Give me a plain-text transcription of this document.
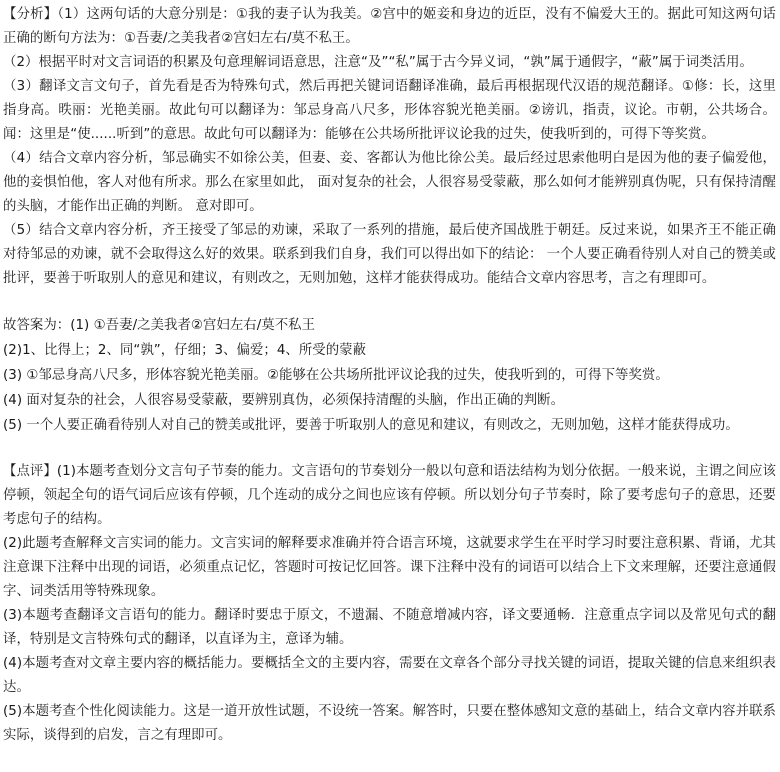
【分析】（1）这两句话的大意分别是：①我的妻子认为我美。②宫中的姬妾和身边的近臣，没有不偏爱大王的。据此可知这两句话正确的断句方法为：①吾妻/之美我者②宫妇左右/莫不私王。

（2）根据平时对文言词语的积累及句意理解词语意思，注意“及”“私”属于古今异义词，“孰”属于通假字，“蔽”属于词类活用。

（3）翻译文言文句子，首先看是否为特殊句式，然后再把关键词语翻译准确，最后再根据现代汉语的规范翻译。①修：长，这里指身高。昳丽：光艳美丽。故此句可以翻译为：邹忌身高八尺多，形体容貌光艳美丽。②谤讥，指责，议论。市朝，公共场合。闻：这里是“使......听到”的意思。故此句可以翻译为：能够在公共场所批评议论我的过失，使我听到的，可得下等奖赏。

（4）结合文章内容分析，邹忌确实不如徐公美，但妻、妾、客都认为他比徐公美。最后经过思索他明白是因为他的妻子偏爱他，他的妾惧怕他，客人对他有所求。那么在家里如此， 面对复杂的社会，人很容易受蒙蔽，那么如何才能辨别真伪呢，只有保持清醒的头脑，才能作出正确的判断。 意对即可。

（5）结合文章内容分析，齐王接受了邹忌的劝谏，采取了一系列的措施，最后使齐国战胜于朝廷。反过来说，如果齐王不能正确对待邹忌的劝谏，就不会取得这么好的效果。联系到我们自身，我们可以得出如下的结论： 一个人要正确看待别人对自己的赞美或批评，要善于听取别人的意见和建议，有则改之，无则加勉，这样才能获得成功。能结合文章内容思考，言之有理即可。

故答案为：(1) ①吾妻/之美我者②宫妇左右/莫不私王

(2)1、比得上；2、同“孰”，仔细；3、偏爱；4、所受的蒙蔽

(3) ①邹忌身高八尺多，形体容貌光艳美丽。②能够在公共场所批评议论我的过失，使我听到的，可得下等奖赏。

(4) 面对复杂的社会，人很容易受蒙蔽，要辨别真伪，必须保持清醒的头脑，作出正确的判断。

(5) 一个人要正确看待别人对自己的赞美或批评，要善于听取别人的意见和建议，有则改之，无则加勉，这样才能获得成功。

【点评】(1)本题考查划分文言句子节奏的能力。文言语句的节奏划分一般以句意和语法结构为划分依据。一般来说，主谓之间应该停顿，领起全句的语气词后应该有停顿，几个连动的成分之间也应该有停顿。所以划分句子节奏时，除了要考虑句子的意思，还要考虑句子的结构。

(2)此题考查解释文言实词的能力。文言实词的解释要求准确并符合语言环境，这就要求学生在平时学习时要注意积累、背诵，尤其注意课下注释中出现的词语，必须重点记忆，答题时可按记忆回答。课下注释中没有的词语可以结合上下文来理解，还要注意通假字、词类活用等特殊现象。

(3)本题考查翻译文言语句的能力。翻译时要忠于原文，不遗漏、不随意增减内容，译文要通畅．注意重点字词以及常见句式的翻译，特别是文言特殊句式的翻译，以直译为主，意译为辅。

(4)本题考查对文章主要内容的概括能力。要概括全文的主要内容，需要在文章各个部分寻找关键的词语，提取关键的信息来组织表达。

(5)本题考查个性化阅读能力。这是一道开放性试题，不设统一答案。解答时，只要在整体感知文意的基础上，结合文章内容并联系实际，谈得到的启发，言之有理即可。
